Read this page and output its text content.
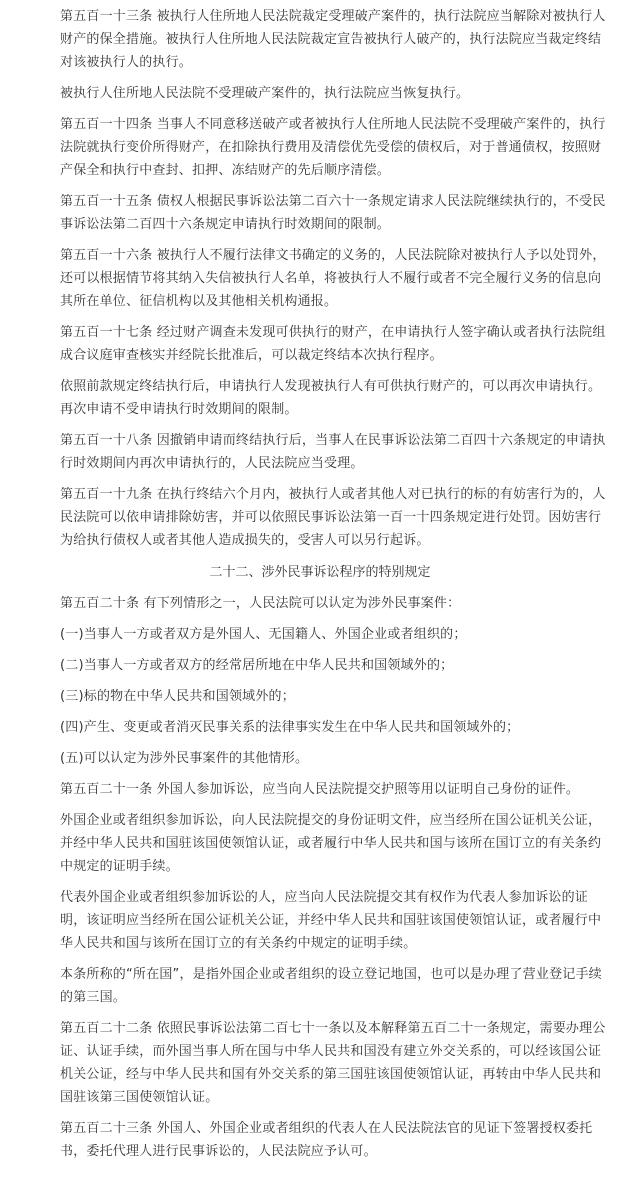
第五百一十三条 被执行人住所地人民法院裁定受理破产案件的，执行法院应当解除对被执行人财产的保全措施。被执行人住所地人民法院裁定宣告被执行人破产的，执行法院应当裁定终结对该被执行人的执行。

被执行人住所地人民法院不受理破产案件的，执行法院应当恢复执行。

第五百一十四条 当事人不同意移送破产或者被执行人住所地人民法院不受理破产案件的，执行法院就执行变价所得财产，在扣除执行费用及清偿优先受偿的债权后，对于普通债权，按照财产保全和执行中查封、扣押、冻结财产的先后顺序清偿。

第五百一十五条 债权人根据民事诉讼法第二百六十一条规定请求人民法院继续执行的，不受民事诉讼法第二百四十六条规定申请执行时效期间的限制。

第五百一十六条 被执行人不履行法律文书确定的义务的，人民法院除对被执行人予以处罚外，还可以根据情节将其纳入失信被执行人名单，将被执行人不履行或者不完全履行义务的信息向其所在单位、征信机构以及其他相关机构通报。

第五百一十七条 经过财产调查未发现可供执行的财产，在申请执行人签字确认或者执行法院组成合议庭审查核实并经院长批准后，可以裁定终结本次执行程序。

依照前款规定终结执行后，申请执行人发现被执行人有可供执行财产的，可以再次申请执行。再次申请不受申请执行时效期间的限制。

第五百一十八条 因撤销申请而终结执行后，当事人在民事诉讼法第二百四十六条规定的申请执行时效期间内再次申请执行的，人民法院应当受理。

第五百一十九条 在执行终结六个月内，被执行人或者其他人对已执行的标的有妨害行为的，人民法院可以依申请排除妨害，并可以依照民事诉讼法第一百一十四条规定进行处罚。因妨害行为给执行债权人或者其他人造成损失的，受害人可以另行起诉。

二十二、涉外民事诉讼程序的特别规定

第五百二十条 有下列情形之一，人民法院可以认定为涉外民事案件：

(一)当事人一方或者双方是外国人、无国籍人、外国企业或者组织的；

(二)当事人一方或者双方的经常居所地在中华人民共和国领域外的；

(三)标的物在中华人民共和国领域外的；

(四)产生、变更或者消灭民事关系的法律事实发生在中华人民共和国领域外的；

(五)可以认定为涉外民事案件的其他情形。

第五百二十一条 外国人参加诉讼，应当向人民法院提交护照等用以证明自己身份的证件。

外国企业或者组织参加诉讼，向人民法院提交的身份证明文件，应当经所在国公证机关公证，并经中华人民共和国驻该国使领馆认证，或者履行中华人民共和国与该所在国订立的有关条约中规定的证明手续。

代表外国企业或者组织参加诉讼的人，应当向人民法院提交其有权作为代表人参加诉讼的证明，该证明应当经所在国公证机关公证，并经中华人民共和国驻该国使领馆认证，或者履行中华人民共和国与该所在国订立的有关条约中规定的证明手续。

本条所称的“所在国”，是指外国企业或者组织的设立登记地国，也可以是办理了营业登记手续的第三国。

第五百二十二条 依照民事诉讼法第二百七十一条以及本解释第五百二十一条规定，需要办理公证、认证手续，而外国当事人所在国与中华人民共和国没有建立外交关系的，可以经该国公证机关公证，经与中华人民共和国有外交关系的第三国驻该国使领馆认证，再转由中华人民共和国驻该第三国使领馆认证。

第五百二十三条 外国人、外国企业或者组织的代表人在人民法院法官的见证下签署授权委托书，委托代理人进行民事诉讼的，人民法院应予认可。
